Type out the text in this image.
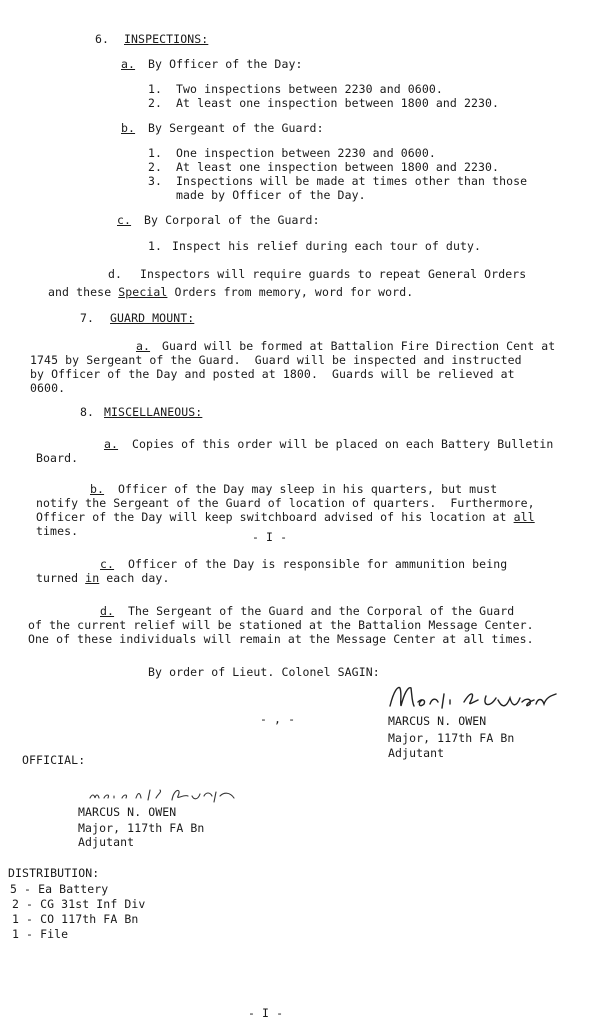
6. INSPECTIONS:
a. By Officer of the Day:
1. Two inspections between 2230 and 0600.
2. At least one inspection between 1800 and 2230.
b. By Sergeant of the Guard:
1. One inspection between 2230 and 0600.
2. At least one inspection between 1800 and 2230.
3. Inspections will be made at times other than those
made by Officer of the Day.
c. By Corporal of the Guard:
1. Inspect his relief during each tour of duty.
d. Inspectors will require guards to repeat General Orders
and these Special Orders from memory, word for word.
7. GUARD MOUNT:
a. Guard will be formed at Battalion Fire Direction Cent at
1745 by Sergeant of the Guard.  Guard will be inspected and instructed
by Officer of the Day and posted at 1800.  Guards will be relieved at
0600.
8. MISCELLANEOUS:
a. Copies of this order will be placed on each Battery Bulletin
Board.
b. Officer of the Day may sleep in his quarters, but must
notify the Sergeant of the Guard of location of quarters.  Furthermore,
Officer of the Day will keep switchboard advised of his location at all
times.	- I -
c. Officer of the Day is responsible for ammunition being
turned in each day.
d. The Sergeant of the Guard and the Corporal of the Guard
of the current relief will be stationed at the Battalion Message Center.
One of these individuals will remain at the Message Center at all times.
By order of Lieut. Colonel SAGIN:
- , -	MARCUS N. OWEN
Major, 117th FA Bn
Adjutant
OFFICIAL:
MARCUS N. OWEN
Major, 117th FA Bn
Adjutant
DISTRIBUTION:
5 - Ea Battery
2 - CG 31st Inf Div
1 - CO 117th FA Bn
1 - File
- I -
